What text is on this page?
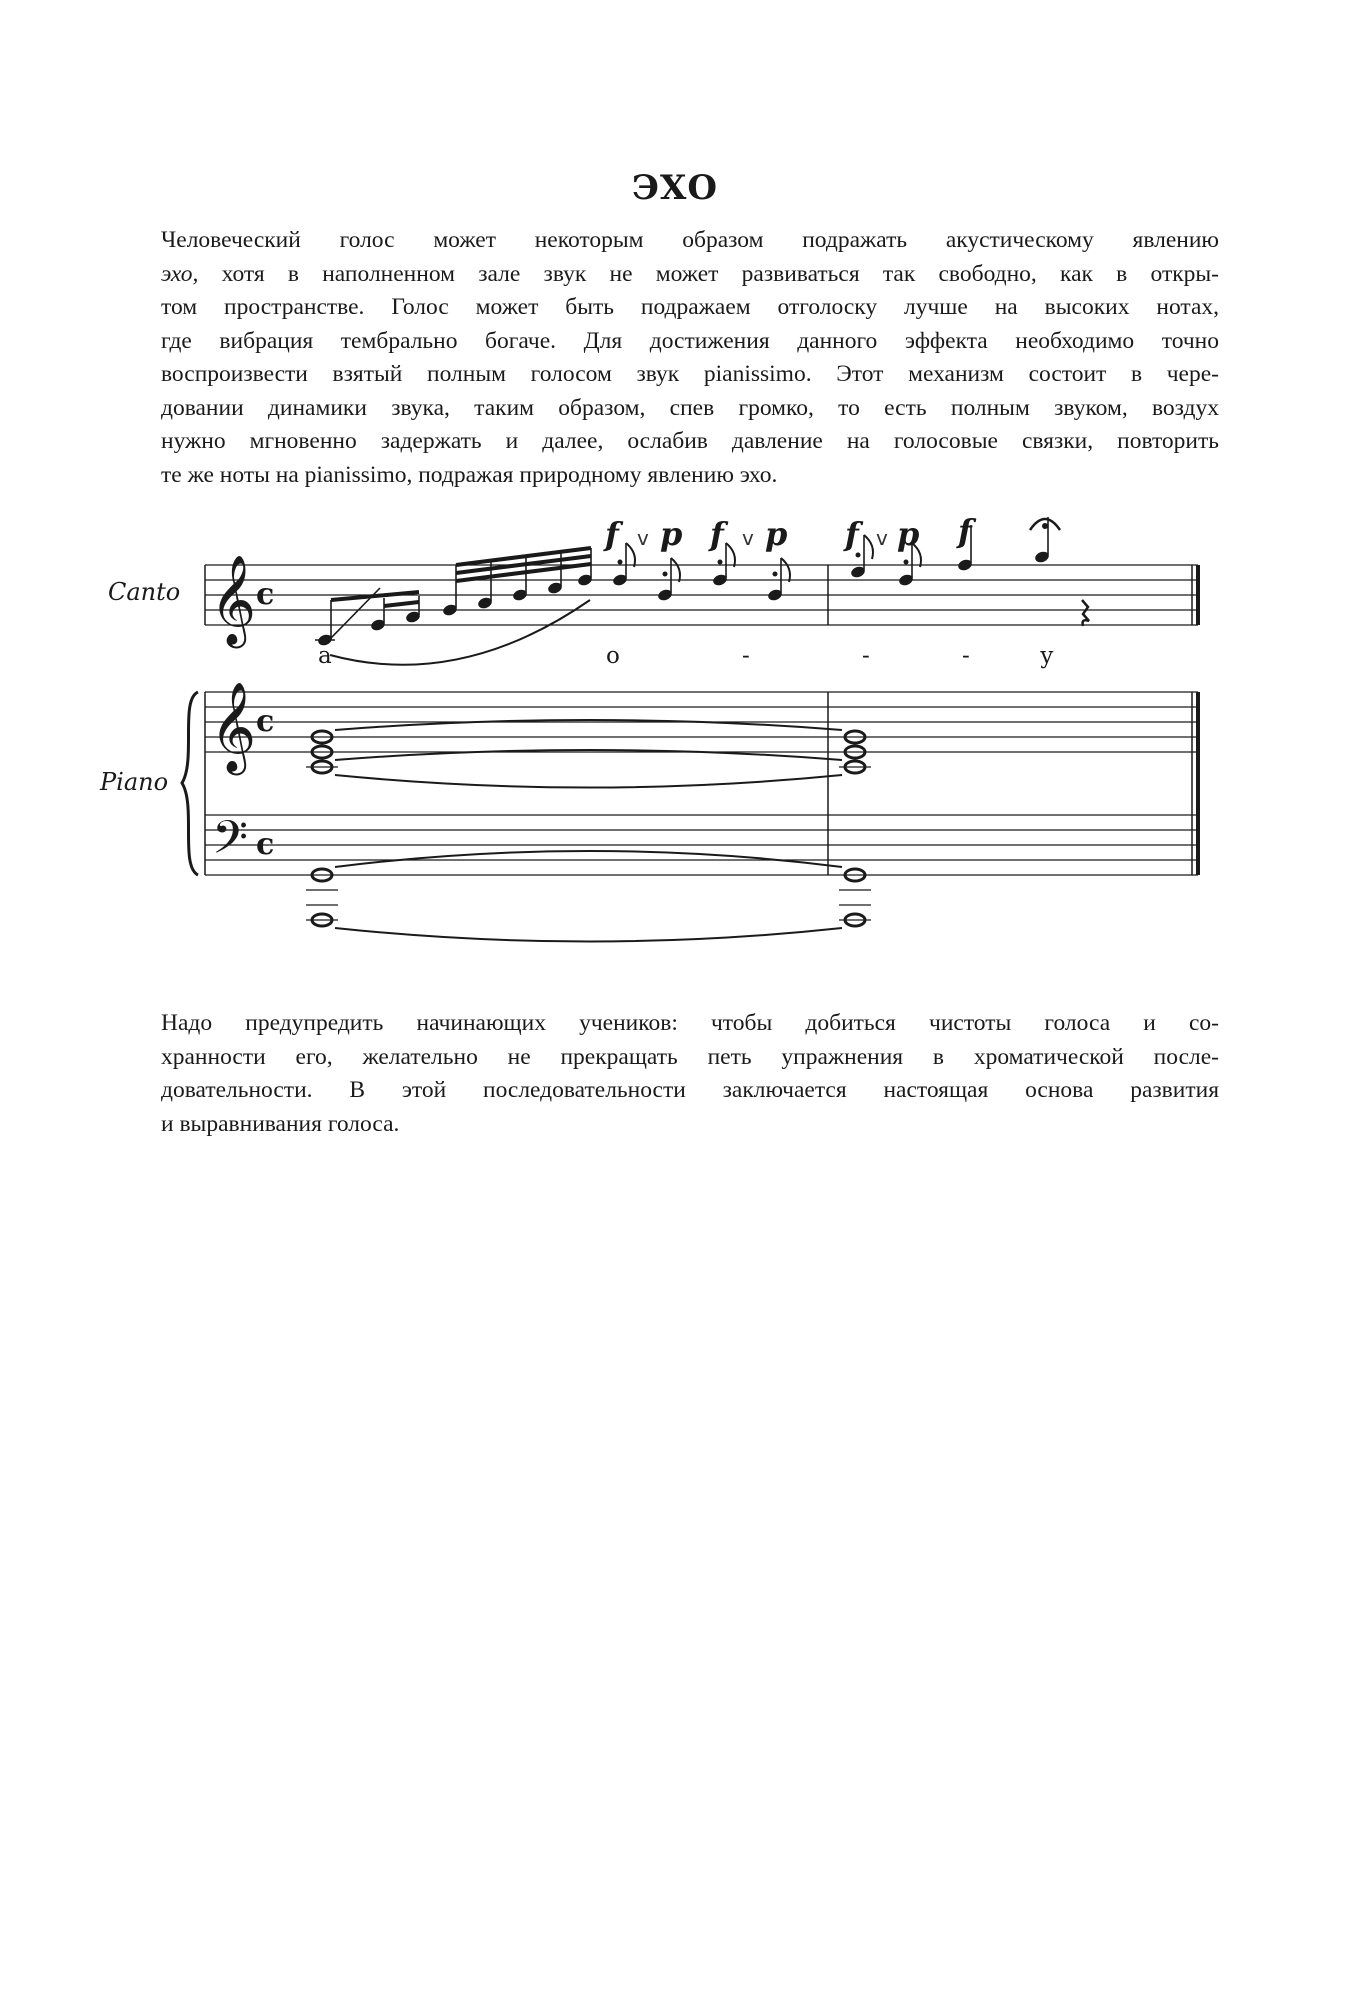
ЭХО
Человеческий голос может некоторым образом подражать акустическому явлению
эхо, хотя в наполненном зале звук не может развиваться так свободно, как в откры-
том пространстве. Голос может быть подражаем отголоску лучше на высоких нотах,
где вибрация тембрально богаче. Для достижения данного эффекта необходимо точно
воспроизвести взятый полным голосом звук pianissimo. Этот механизм состоит в чере-
довании динамики звука, таким образом, спев громко, то есть полным звуком, воздух
нужно мгновенно задержать и далее, ослабив давление на голосовые связки, повторить
те же ноты на pianissimo, подражая природному явлению эхо.
𝄞 c
f p f p f p f
v	v	v
а	о	-	-	-	у
𝄞 c
𝄢 c
Canto
Piano
Надо предупредить начинающих учеников: чтобы добиться чистоты голоса и со-
хранности его, желательно не прекращать петь упражнения в хроматической после-
довательности. В этой последовательности заключается настоящая основа развития
и выравнивания голоса.
